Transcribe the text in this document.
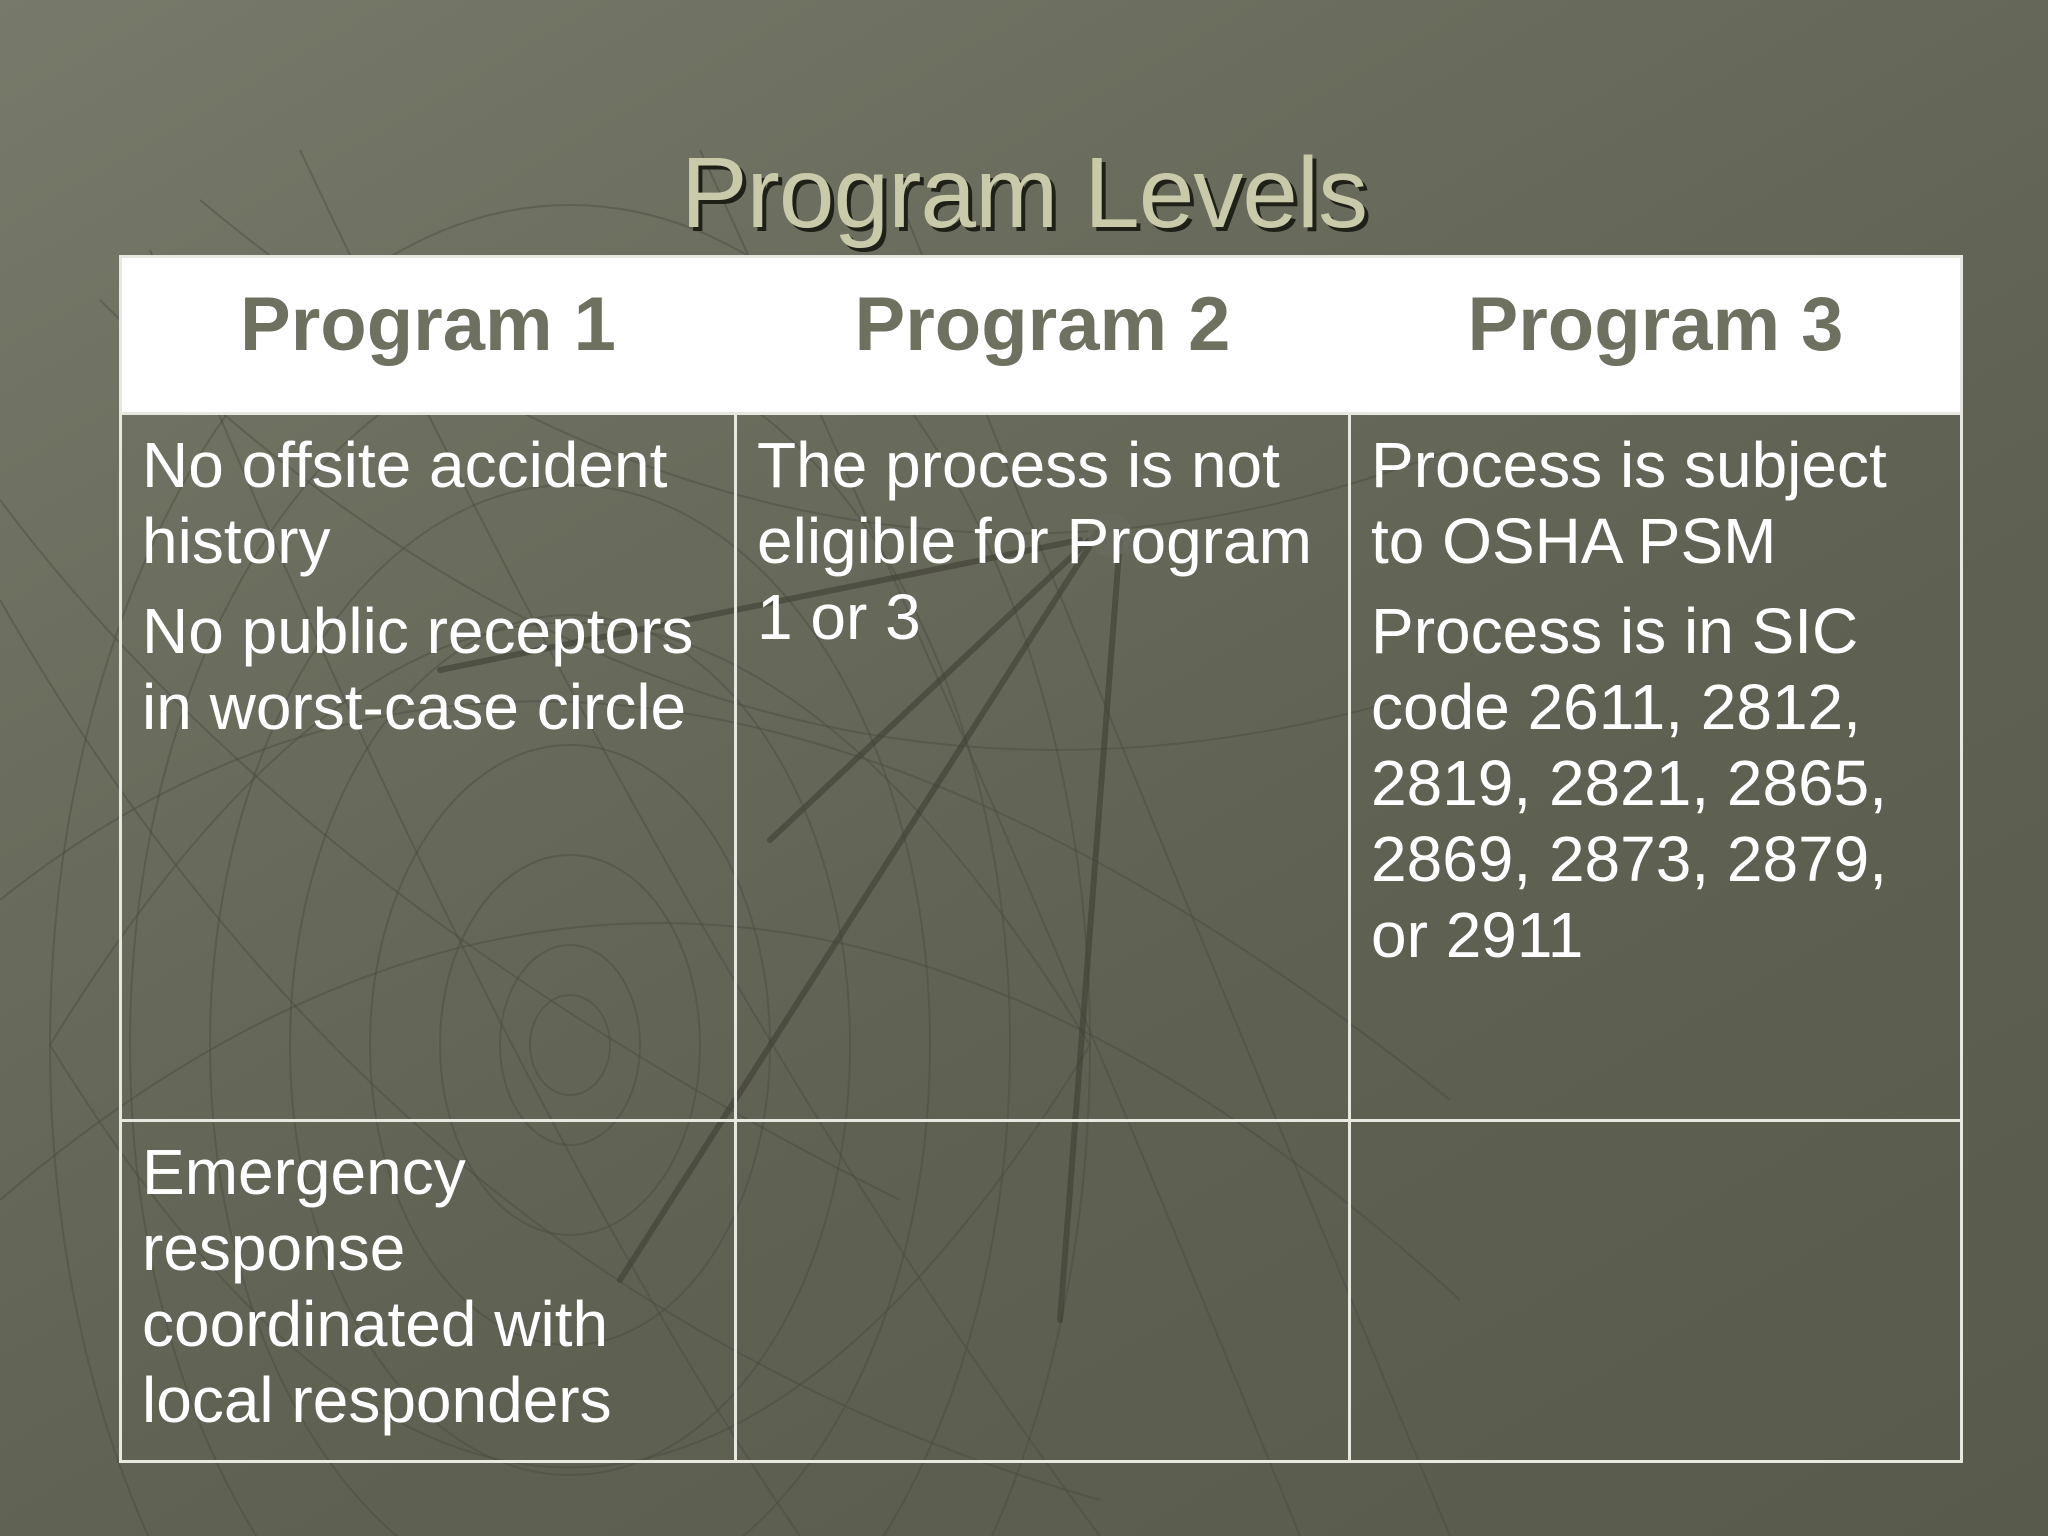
Program Levels
Program 1	Program 2	Program 3

No offsite accident history

No public receptors in worst-case circle

The process is not eligible for Program 1 or 3

Process is subject to OSHA PSM

Process is in SIC code 2611, 2812, 2819, 2821, 2865, 2869, 2873, 2879, or 2911

Emergency response coordinated with local responders
